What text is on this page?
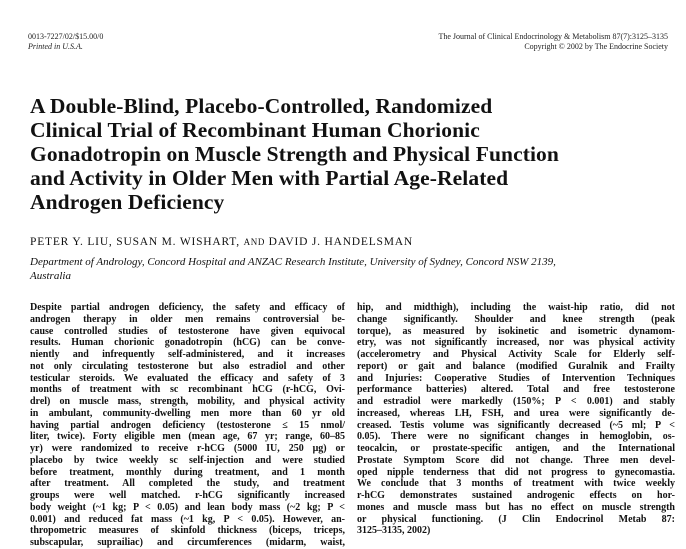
0013-7227/02/$15.00/0
Printed in U.S.A.
The Journal of Clinical Endocrinology & Metabolism 87(7):3125–3135
Copyright © 2002 by The Endocrine Society
A Double-Blind, Placebo-Controlled, Randomized
Clinical Trial of Recombinant Human Chorionic
Gonadotropin on Muscle Strength and Physical Function
and Activity in Older Men with Partial Age-Related
Androgen Deficiency
PETER Y. LIU, SUSAN M. WISHART, AND DAVID J. HANDELSMAN
Department of Andrology, Concord Hospital and ANZAC Research Institute, University of Sydney, Concord NSW 2139,
Australia
Despite partial androgen deficiency, the safety and efficacy of
androgen therapy in older men remains controversial be-
cause controlled studies of testosterone have given equivocal
results. Human chorionic gonadotropin (hCG) can be conve-
niently and infrequently self-administered, and it increases
not only circulating testosterone but also estradiol and other
testicular steroids. We evaluated the efficacy and safety of 3
months of treatment with sc recombinant hCG (r-hCG, Ovi-
drel) on muscle mass, strength, mobility, and physical activity
in ambulant, community-dwelling men more than 60 yr old
having partial androgen deficiency (testosterone ≤ 15 nmol/
liter, twice). Forty eligible men (mean age, 67 yr; range, 60–85
yr) were randomized to receive r-hCG (5000 IU, 250 μg) or
placebo by twice weekly sc self-injection and were studied
before treatment, monthly during treatment, and 1 month
after treatment. All completed the study, and treatment
groups were well matched. r-hCG significantly increased
body weight (~1 kg; P < 0.05) and lean body mass (~2 kg; P <
0.001) and reduced fat mass (~1 kg, P < 0.05). However, an-
thropometric measures of skinfold thickness (biceps, triceps,
subscapular, suprailiac) and circumferences (midarm, waist,
hip, and midthigh), including the waist-hip ratio, did not
change significantly. Shoulder and knee strength (peak
torque), as measured by isokinetic and isometric dynamom-
etry, was not significantly increased, nor was physical activity
(accelerometry and Physical Activity Scale for Elderly self-
report) or gait and balance (modified Guralnik and Frailty
and Injuries: Cooperative Studies of Intervention Techniques
performance batteries) altered. Total and free testosterone
and estradiol were markedly (150%; P < 0.001) and stably
increased, whereas LH, FSH, and urea were significantly de-
creased. Testis volume was significantly decreased (~5 ml; P <
0.05). There were no significant changes in hemoglobin, os-
teocalcin, or prostate-specific antigen, and the International
Prostate Symptom Score did not change. Three men devel-
oped nipple tenderness that did not progress to gynecomastia.
We conclude that 3 months of treatment with twice weekly
r-hCG demonstrates sustained androgenic effects on hor-
mones and muscle mass but has no effect on muscle strength
or physical functioning. (J Clin Endocrinol Metab 87:
3125–3135, 2002)
